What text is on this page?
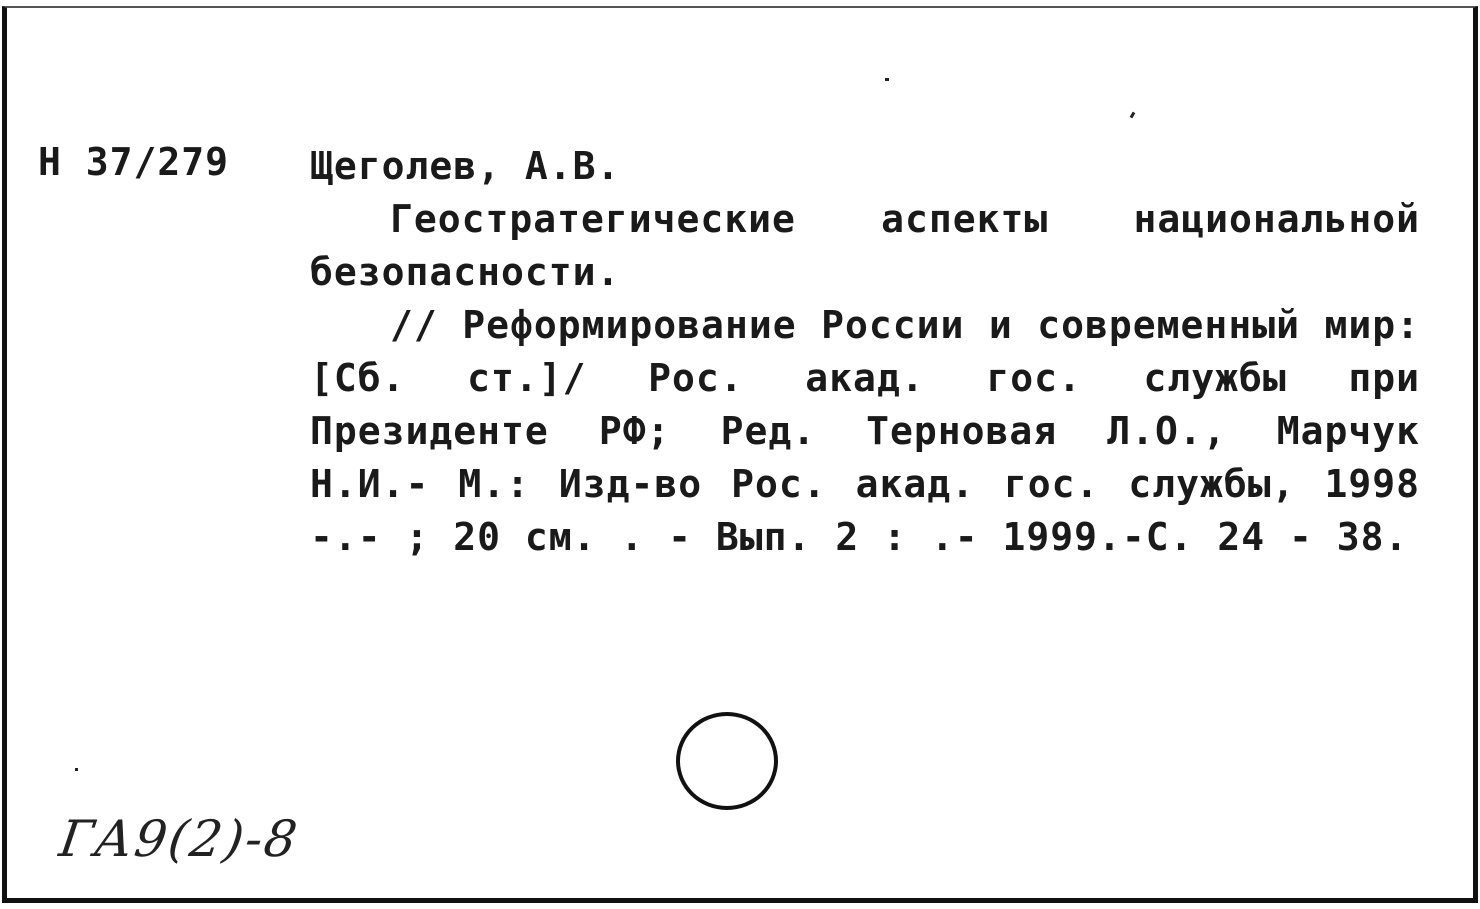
Н 37/279 Щеголев, А.В.
Геостратегические аспекты национальной безопасности.
// Реформирование России и современный мир: [Сб. ст.]/ Рос. акад. гос. службы при Президенте РФ; Ред. Терновая Л.О., Марчук Н.И.- М.: Изд-во Рос. акад. гос. службы, 1998 -.- ; 20 см. . - Вып. 2 : .- 1999.-С. 24 - 38.
ГА9(2)-8
